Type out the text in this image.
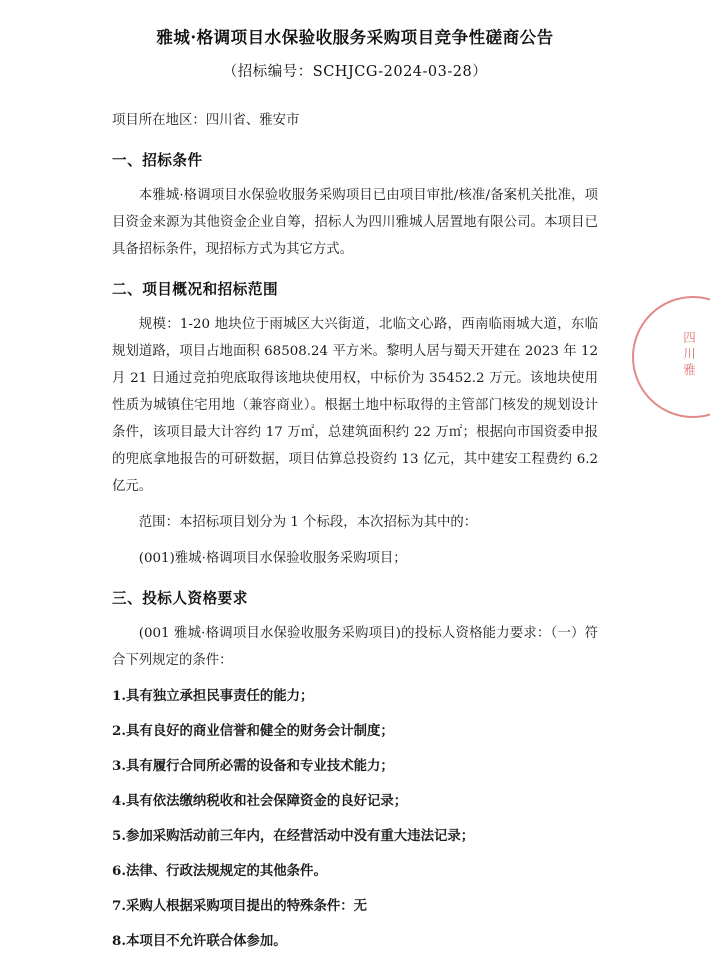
雅城·格调项目水保验收服务采购项目竞争性磋商公告
（招标编号：SCHJCG-2024-03-28）

项目所在地区：四川省、雅安市

一、招标条件

本雅城·格调项目水保验收服务采购项目已由项目审批/核准/备案机关批准，项目资金来源为其他资金企业自筹，招标人为四川雅城人居置地有限公司。本项目已具备招标条件，现招标方式为其它方式。

二、项目概况和招标范围

规模：1-20 地块位于雨城区大兴街道，北临文心路，西南临雨城大道，东临规划道路，项目占地面积 68508.24 平方米。黎明人居与蜀天开建在 2023 年 12 月 21 日通过竞拍兜底取得该地块使用权，中标价为 35452.2 万元。该地块使用性质为城镇住宅用地（兼容商业）。根据土地中标取得的主管部门核发的规划设计条件，该项目最大计容约 17 万㎡，总建筑面积约 22 万㎡；根据向市国资委申报的兜底拿地报告的可研数据，项目估算总投资约 13 亿元，其中建安工程费约 6.2 亿元。

范围：本招标项目划分为 1 个标段，本次招标为其中的：

(001)雅城·格调项目水保验收服务采购项目；

三、投标人资格要求

(001 雅城·格调项目水保验收服务采购项目)的投标人资格能力要求：（一）符合下列规定的条件：

1.具有独立承担民事责任的能力；

2.具有良好的商业信誉和健全的财务会计制度；

3.具有履行合同所必需的设备和专业技术能力；

4.具有依法缴纳税收和社会保障资金的良好记录；

5.参加采购活动前三年内，在经营活动中没有重大违法记录；

6.法律、行政法规规定的其他条件。

7.采购人根据采购项目提出的特殊条件：无

8.本项目不允许联合体参加。

四
川
雅
